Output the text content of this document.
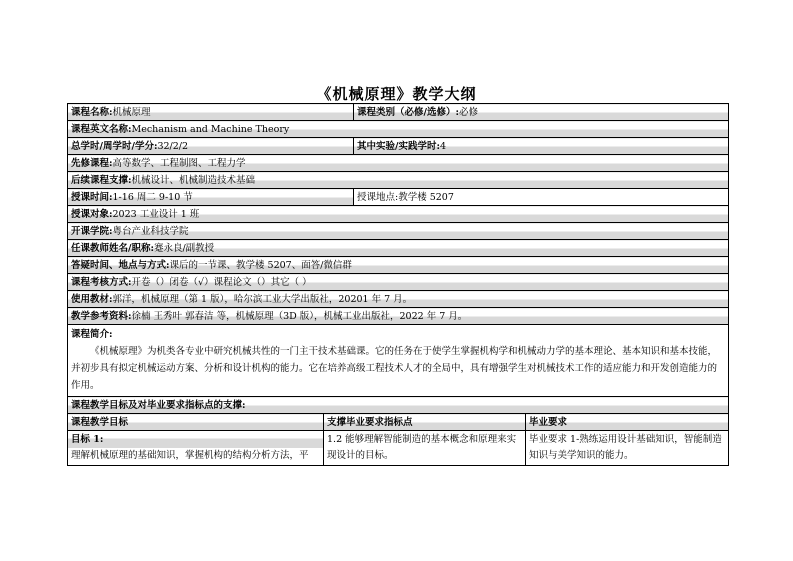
《机械原理》教学大纲
课程名称:机械原理		课程类别（必修/选修）:必修	
课程英文名称:Mechanism and Machine Theory			
总学时/周学时/学分:32/2/2		其中实验/实践学时:4	
先修课程:高等数学、工程制图、工程力学			
后续课程支撑:机械设计、机械制造技术基础			
授课时间:1-16 周二 9-10 节		授课地点:教学楼 5207	
授课对象:2023 工业设计 1 班			
开课学院:粤台产业科技学院			
任课教师姓名/职称:蹇永良/副教授			
答疑时间、地点与方式:课后的一节课、教学楼 5207、面答/微信群			
课程考核方式:开卷（）闭卷（√）课程论文（）其它（ ）			
使用教材:郭洋，机械原理（第 1 版），哈尔滨工业大学出版社，20201 年 7 月。			
教学参考资料:徐楠 王秀叶 郭春洁 等，机械原理（3D 版），机械工业出版社，2022 年 7 月。			

课程简介:

《机械原理》为机类各专业中研究机械共性的一门主干技术基础课。它的任务在于使学生掌握机构学和机械动力学的基本理论、基本知识和基本技能，并初步具有拟定机械运动方案、分析和设计机构的能力。它在培养高级工程技术人才的全局中，具有增强学生对机械技术工作的适应能力和开发创造能力的作用。			

课程教学目标及对毕业要求指标点的支撑:			
课程教学目标	支撑毕业要求指标点		毕业要求

目标 1:
理解机械原理的基础知识，掌握机构的结构分析方法，平	1.2 能够理解智能制造的基本概念和原理来实现设计的目标。		毕业要求 1-熟练运用设计基础知识，智能制造知识与美学知识的能力。
